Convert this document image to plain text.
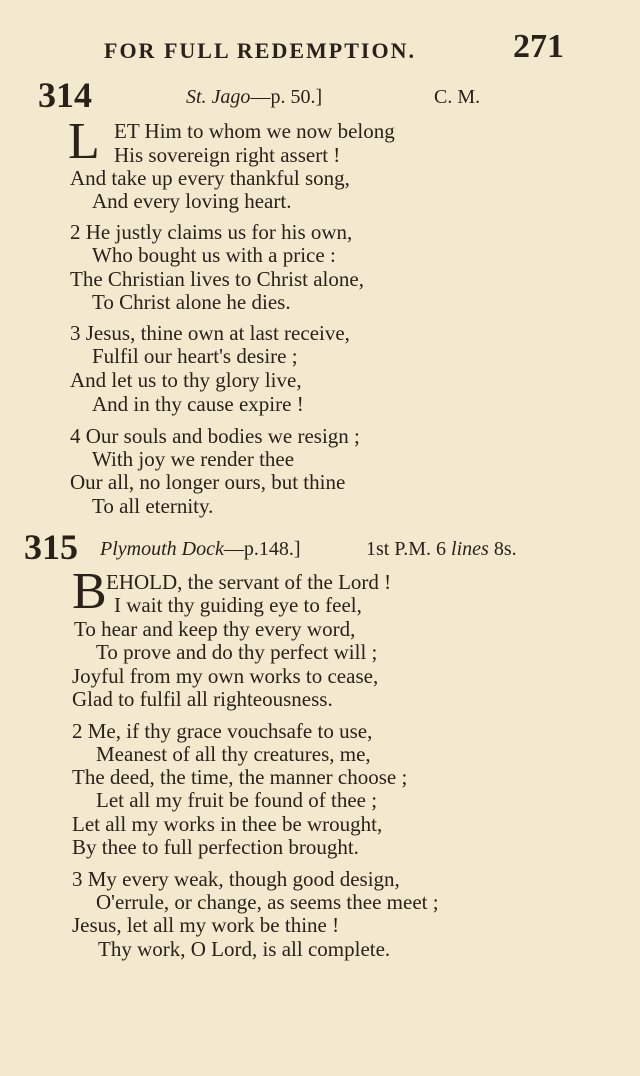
FOR FULL REDEMPTION.	271
314	St. Jago—p. 50.]	C. M.
L ET Him to whom we now belong
His sovereign right assert !
And take up every thankful song,
And every loving heart.
2 He justly claims us for his own,
Who bought us with a price :
The Christian lives to Christ alone,
To Christ alone he dies.
3 Jesus, thine own at last receive,
Fulfil our heart's desire ;
And let us to thy glory live,
And in thy cause expire !
4 Our souls and bodies we resign ;
With joy we render thee
Our all, no longer ours, but thine
To all eternity.
315 Plymouth Dock—p.148.]	1st P.M. 6 lines 8s.
B EHOLD, the servant of the Lord !
I wait thy guiding eye to feel,
To hear and keep thy every word,
To prove and do thy perfect will ;
Joyful from my own works to cease,
Glad to fulfil all righteousness.
2 Me, if thy grace vouchsafe to use,
Meanest of all thy creatures, me,
The deed, the time, the manner choose ;
Let all my fruit be found of thee ;
Let all my works in thee be wrought,
By thee to full perfection brought.
3 My every weak, though good design,
O'errule, or change, as seems thee meet ;
Jesus, let all my work be thine !
Thy work, O Lord, is all complete.
